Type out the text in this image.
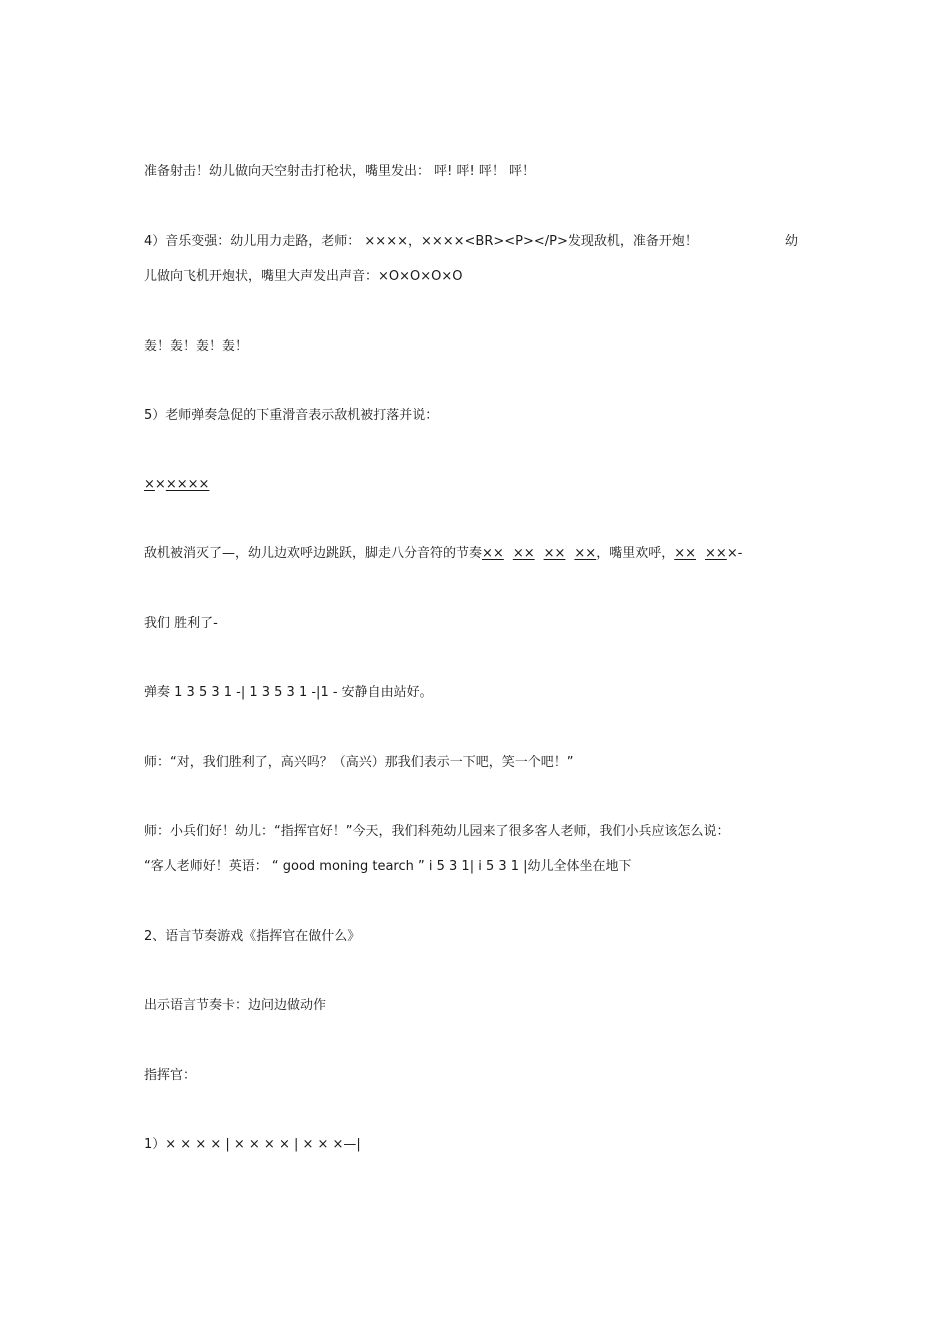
准备射击！幼儿做向天空射击打枪状，嘴里发出： 呯! 呯! 呯！ 呯！
4）音乐变强：幼儿用力走路，老师： ××××，××××<BR><P></P>发现敌机，准备开炮！	幼
儿做向飞机开炮状，嘴里大声发出声音：×O×O×O×O
轰！轰！轰！轰！
5）老师弹奏急促的下重滑音表示敌机被打落并说：
××××××
敌机被消灭了—，幼儿边欢呼边跳跃，脚走八分音符的节奏×× ×× ×× ××，嘴里欢呼，×× ×××-
我们 胜利了-
弹奏 1 3 5 3 1 -| 1 3 5 3 1 -|1 - 安静自由站好。
师：“对，我们胜利了，高兴吗？（高兴）那我们表示一下吧，笑一个吧！”
师：小兵们好！幼儿：“指挥官好！”今天，我们科苑幼儿园来了很多客人老师，我们小兵应该怎么说：
“客人老师好！英语： “ good moning tearch ” i 5 3 1| i 5 3 1 |幼儿全体坐在地下
2、语言节奏游戏《指挥官在做什么》
出示语言节奏卡：边问边做动作
指挥官：
1）× × × × | × × × × | × × ×—|
